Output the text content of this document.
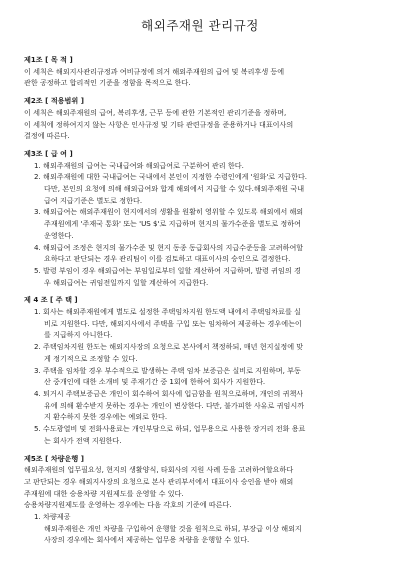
해외주재원 관리규정
제1조 [ 목 적 ]
이 세칙은 해외지사관리규정과 여비규정에 의거 해외주재원의 급여 및 복리후생 등에
관한 공정하고 합리적인 기준을 정함을 목적으로 한다.
제2조 [ 적용범위 ]
이 세칙은 해외주재원의 급여, 복리후생, 근무 등에 관한 기본적인 관리기준을 정하며,
이 세칙에 정하여지지 않는 사항은 인사규정 및 기타 관련규정을 준용하거나 대표이사의
결정에 따른다.
제3조 [ 급 여 ]
1. 해외주재원의 급여는 국내급여와 해외급여로 구분하여 관리 한다.
2. 해외주재원에 대한 국내급여는 국내에서 본인이 지정한 수령인에게 '원화'로 지급한다.
다만, 본인의 요청에 의해 해외급여와 합계 해외에서 지급할 수 있다.해외주재원 국내
급여 지급기준은 별도로 정한다.
3. 해외급여는 해외주재원이 현지에서의 생활을 원활히 영위할 수 있도록 해외에서 해외
주재원에게 '주재국 통화' 또는 'US $'로 지급하며 현지의 물가수준을 별도로 정하여
운영한다.
4. 해외급여 조정은 현지의 물가수준 및 현지 동종 동급회사의 지급수준등을 고려하여할
요하다고 판단되는 경우 관리팀이 이를 검토하고 대표이사의 승인으로 결정한다.
5. 발령 부임이 경우 해외급여는 부임일로부터 일할 계산하여 지급하며, 발령 귀임의 경
우 해외급여는 귀임전일까지 일할 계산하여 지급한다.
제 4 조 [ 주 택 ]
1. 회사는 해외주재원에게 별도로 설정한 주택임차지원 한도액 내에서 주택임차료를 실
비로 지원한다. 다만, 해외지사에서 주택을 구입 또는 임차하여 제공하는 경우에는이
를 지급하지 아니한다.
2. 주택임차지원 한도는 해외지사장의 요청으로 본사에서 책정하되, 매년 현지실정에 맞
게 정기적으로 조정할 수 있다.
3. 주택을 임차할 경우 부수적으로 발생하는 주택 임차 보증금은 실비로 지원하며, 부동
산 중개인에 대한 소개비 및 주재기간 중 1회에 한하여 회사가 지원한다.
4. 퇴거시 주택보증금은 개인이 회수하여 회사에 입금함을 원칙으로하며, 개인의 귀책사
유에 의해 환수받지 못하는 경우는 개인이 변상한다. 다만, 불가피한 사유로 귀임시까
지 환수하지 못한 경우에는 예외로 한다.
5. 수도광열비 및 전화사용료는 개인부담으로 하되, 업무용으로 사용한 장거리 전화 용료
는 회사가 전액 지원한다.
제5조 [ 차량운행 ]
해외주재원의 업무필요성, 현지의 생활양식, 타회사의 지원 사례 등을 고려하여할요하다
고 판단되는 경우 해외지사장의 요청으로 본사 관리부서에서 대표이사 승인을 받아 해외
주재원에 대한 승용차량 지원제도를 운영할 수 있다.
승용차량지원제도를 운영하는 경우에는 다음 각호의 기준에 따른다.
1. 차량제공
해외주재원은 개인 차량을 구입하여 운행할 것을 원칙으로 하되, 부장급 이상 해외지
사장의 경우에는 회사에서 제공하는 업무용 차량을 운행할 수 있다.
